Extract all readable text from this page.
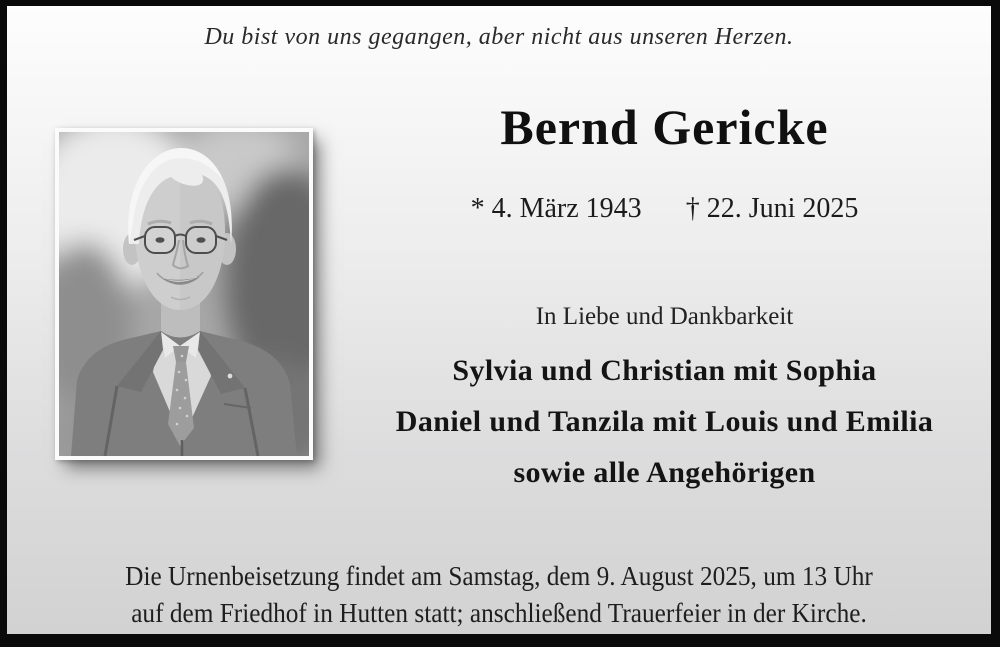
Du bist von uns gegangen, aber nicht aus unseren Herzen.
Bernd Gericke
* 4. März 1943 † 22. Juni 2025
In Liebe und Dankbarkeit
Sylvia und Christian mit Sophia
Daniel und Tanzila mit Louis und Emilia
sowie alle Angehörigen
Die Urnenbeisetzung findet am Samstag, dem 9. August 2025, um 13 Uhr
auf dem Friedhof in Hutten statt; anschließend Trauerfeier in der Kirche.
